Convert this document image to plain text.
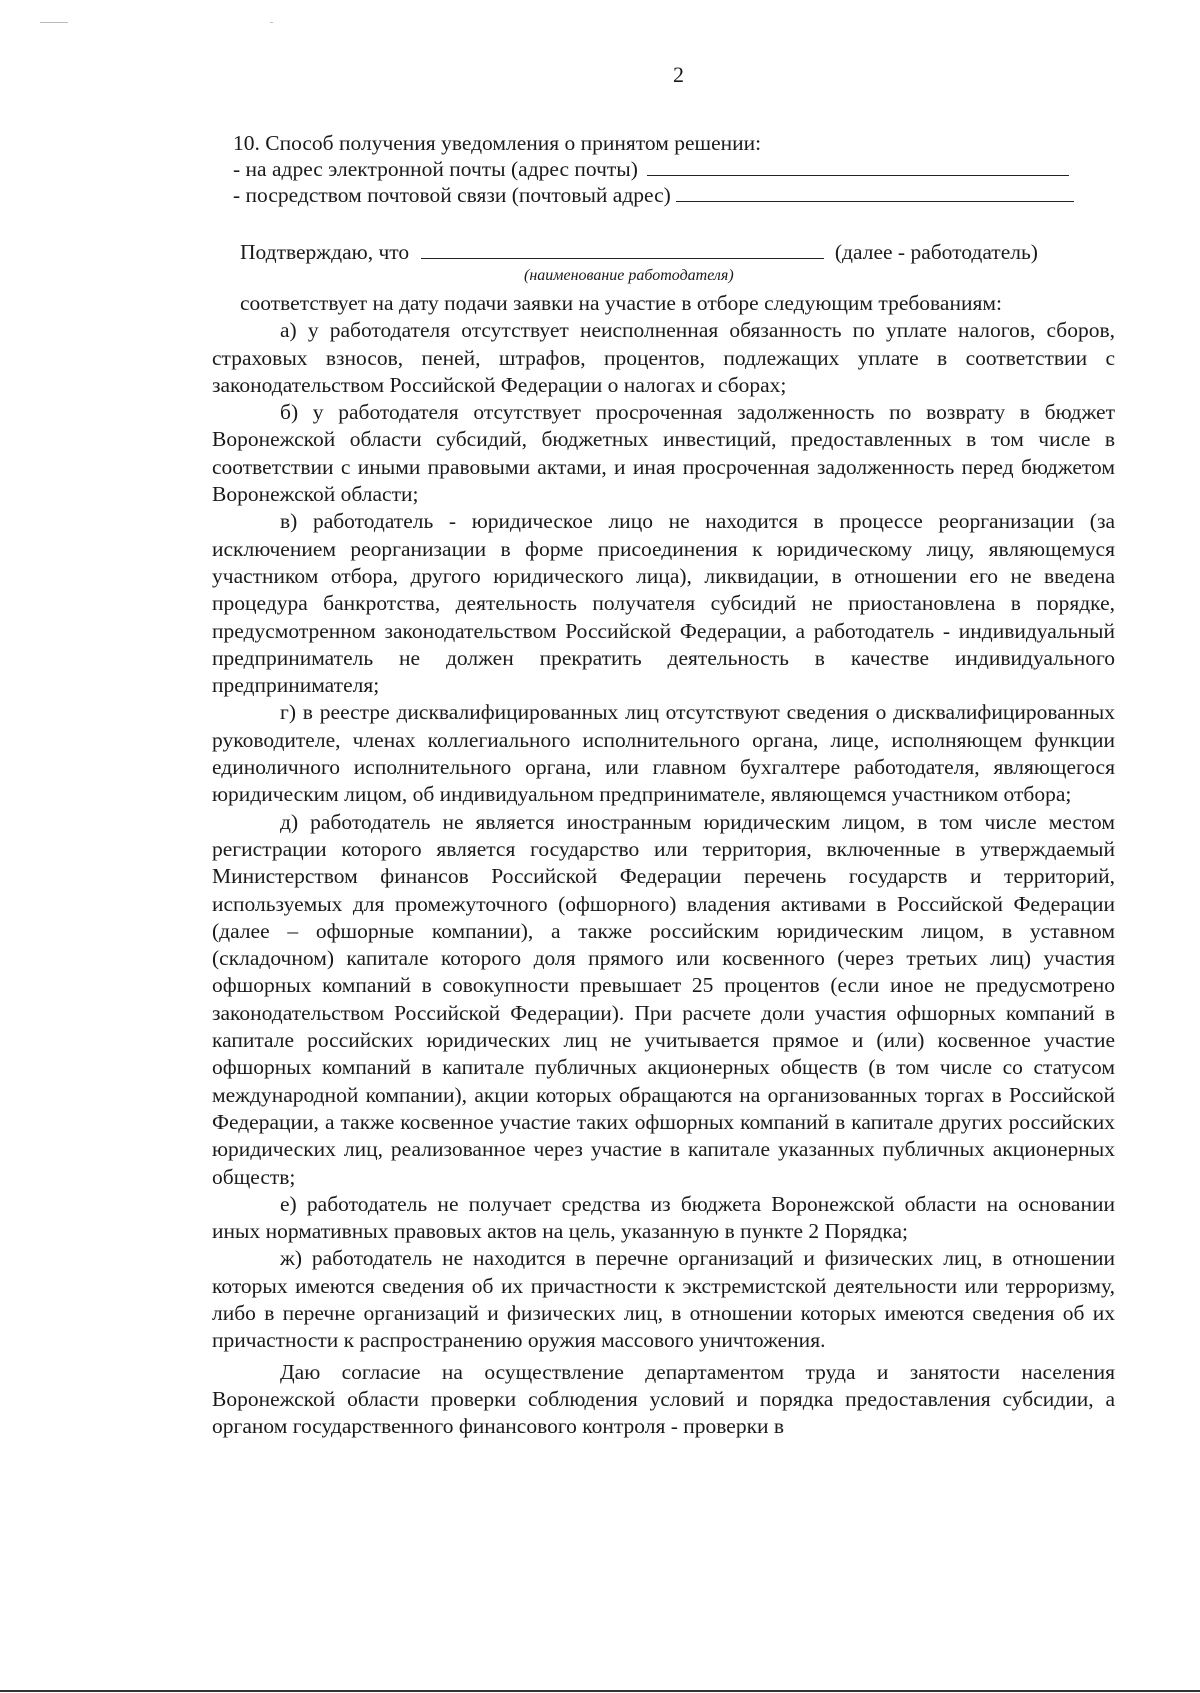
2
10. Способ получения уведомления о принятом решении:
- на адрес электронной почты (адрес почты)
- посредством почтовой связи (почтовый адрес)
Подтверждаю, что	(далее - работодатель)
(наименование работодателя)

соответствует на дату подачи заявки на участие в отборе следующим требованиям:

а) у работодателя отсутствует неисполненная обязанность по уплате налогов, сборов, страховых взносов, пеней, штрафов, процентов, подлежащих уплате в соответствии с законодательством Российской Федерации о налогах и сборах;

б) у работодателя отсутствует просроченная задолженность по возврату в бюджет Воронежской области субсидий, бюджетных инвестиций, предоставленных в том числе в соответствии с иными правовыми актами, и иная просроченная задолженность перед бюджетом Воронежской области;

в) работодатель - юридическое лицо не находится в процессе реорганизации (за исключением реорганизации в форме присоединения к юридическому лицу, являющемуся участником отбора, другого юридического лица), ликвидации, в отношении его не введена процедура банкротства, деятельность получателя субсидий не приостановлена в порядке, предусмотренном законодательством Российской Федерации, а работодатель - индивидуальный предприниматель не должен прекратить деятельность в качестве индивидуального предпринимателя;

г) в реестре дисквалифицированных лиц отсутствуют сведения о дисквалифицированных руководителе, членах коллегиального исполнительного органа, лице, исполняющем функции единоличного исполнительного органа, или главном бухгалтере работодателя, являющегося юридическим лицом, об индивидуальном предпринимателе, являющемся участником отбора;

д) работодатель не является иностранным юридическим лицом, в том числе местом регистрации которого является государство или территория, включенные в утверждаемый Министерством финансов Российской Федерации перечень государств и территорий, используемых для промежуточного (офшорного) владения активами в Российской Федерации (далее – офшорные компании), а также российским юридическим лицом, в уставном (складочном) капитале которого доля прямого или косвенного (через третьих лиц) участия офшорных компаний в совокупности превышает 25 процентов (если иное не предусмотрено законодательством Российской Федерации). При расчете доли участия офшорных компаний в капитале российских юридических лиц не учитывается прямое и (или) косвенное участие офшорных компаний в капитале публичных акционерных обществ (в том числе со статусом международной компании), акции которых обращаются на организованных торгах в Российской Федерации, а также косвенное участие таких офшорных компаний в капитале других российских юридических лиц, реализованное через участие в капитале указанных публичных акционерных обществ;

е) работодатель не получает средства из бюджета Воронежской области на основании иных нормативных правовых актов на цель, указанную в пункте 2 Порядка;

ж) работодатель не находится в перечне организаций и физических лиц, в отношении которых имеются сведения об их причастности к экстремистской деятельности или терроризму, либо в перечне организаций и физических лиц, в отношении которых имеются сведения об их причастности к распространению оружия массового уничтожения.

Даю согласие на осуществление департаментом труда и занятости населения Воронежской области проверки соблюдения условий и порядка предоставления субсидии, а органом государственного финансового контроля - проверки в
